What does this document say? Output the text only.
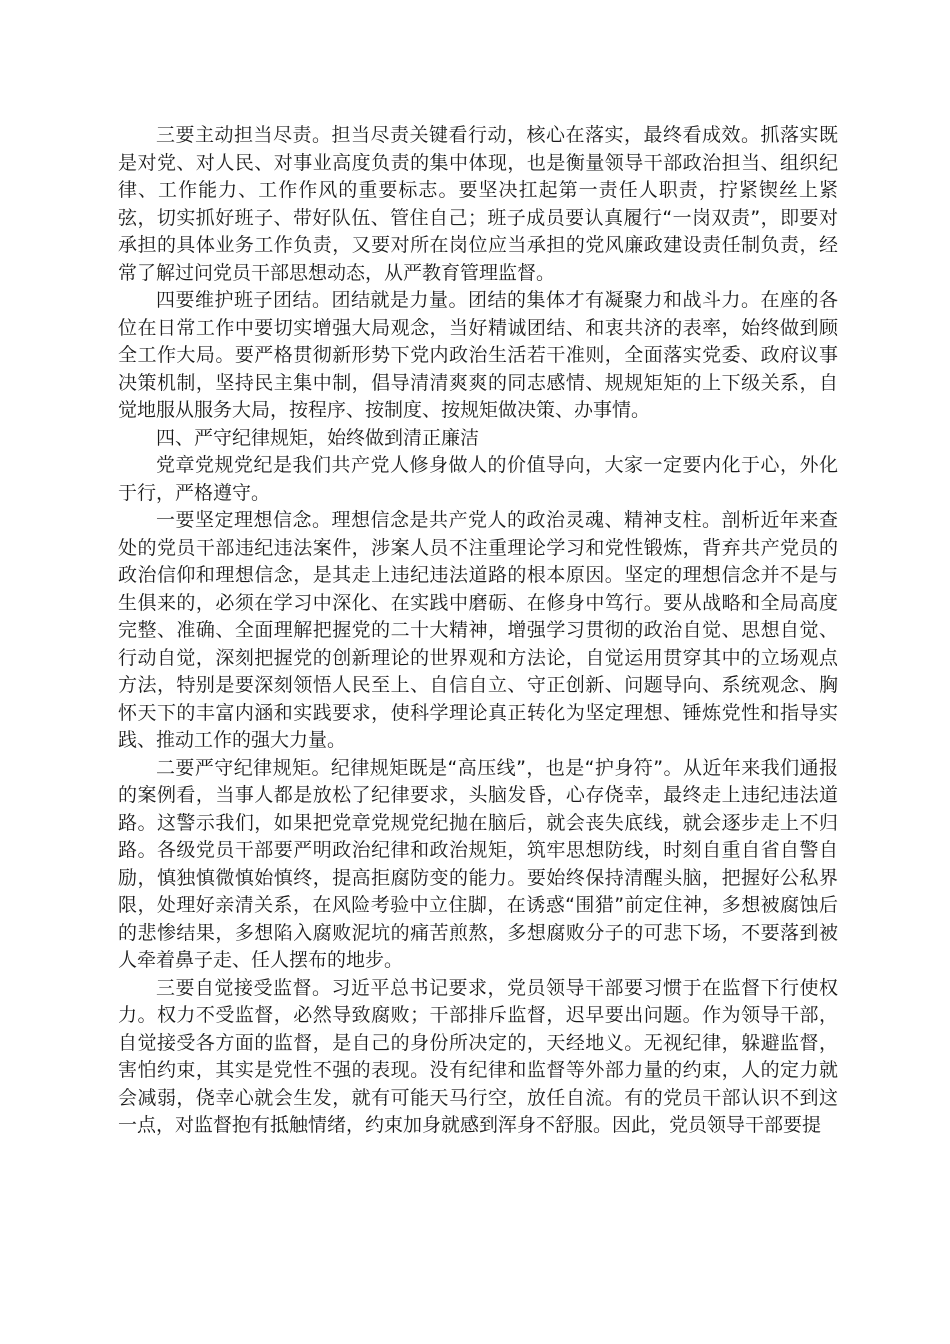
三要主动担当尽责。担当尽责关键看行动，核心在落实，最终看成效。抓落实既是对党、对人民、对事业高度负责的集中体现，也是衡量领导干部政治担当、组织纪律、工作能力、工作作风的重要标志。要坚决扛起第一责任人职责，拧紧锲丝上紧弦，切实抓好班子、带好队伍、管住自己；班子成员要认真履行“一岗双责”，即要对承担的具体业务工作负责，又要对所在岗位应当承担的党风廉政建设责任制负责，经常了解过问党员干部思想动态，从严教育管理监督。

四要维护班子团结。团结就是力量。团结的集体才有凝聚力和战斗力。在座的各位在日常工作中要切实增强大局观念，当好精诚团结、和衷共济的表率，始终做到顾全工作大局。要严格贯彻新形势下党内政治生活若干准则，全面落实党委、政府议事决策机制，坚持民主集中制，倡导清清爽爽的同志感情、规规矩矩的上下级关系，自觉地服从服务大局，按程序、按制度、按规矩做决策、办事情。

四、严守纪律规矩，始终做到清正廉洁

党章党规党纪是我们共产党人修身做人的价值导向，大家一定要内化于心，外化于行，严格遵守。

一要坚定理想信念。理想信念是共产党人的政治灵魂、精神支柱。剖析近年来查处的党员干部违纪违法案件，涉案人员不注重理论学习和党性锻炼，背弃共产党员的政治信仰和理想信念，是其走上违纪违法道路的根本原因。坚定的理想信念并不是与生俱来的，必须在学习中深化、在实践中磨砺、在修身中笃行。要从战略和全局高度完整、准确、全面理解把握党的二十大精神，增强学习贯彻的政治自觉、思想自觉、行动自觉，深刻把握党的创新理论的世界观和方法论，自觉运用贯穿其中的立场观点方法，特别是要深刻领悟人民至上、自信自立、守正创新、问题导向、系统观念、胸怀天下的丰富内涵和实践要求，使科学理论真正转化为坚定理想、锤炼党性和指导实践、推动工作的强大力量。

二要严守纪律规矩。纪律规矩既是“高压线”，也是“护身符”。从近年来我们通报的案例看，当事人都是放松了纪律要求，头脑发昏，心存侥幸，最终走上违纪违法道路。这警示我们，如果把党章党规党纪抛在脑后，就会丧失底线，就会逐步走上不归路。各级党员干部要严明政治纪律和政治规矩，筑牢思想防线，时刻自重自省自警自励，慎独慎微慎始慎终，提高拒腐防变的能力。要始终保持清醒头脑，把握好公私界限，处理好亲清关系，在风险考验中立住脚，在诱惑“围猎”前定住神，多想被腐蚀后的悲惨结果，多想陷入腐败泥坑的痛苦煎熬，多想腐败分子的可悲下场，不要落到被人牵着鼻子走、任人摆布的地步。

三要自觉接受监督。习近平总书记要求，党员领导干部要习惯于在监督下行使权力。权力不受监督，必然导致腐败；干部排斥监督，迟早要出问题。作为领导干部，自觉接受各方面的监督，是自己的身份所决定的，天经地义。无视纪律，躲避监督，害怕约束，其实是党性不强的表现。没有纪律和监督等外部力量的约束，人的定力就会减弱，侥幸心就会生发，就有可能天马行空，放任自流。有的党员干部认识不到这一点，对监督抱有抵触情绪，约束加身就感到浑身不舒服。因此，党员领导干部要提
